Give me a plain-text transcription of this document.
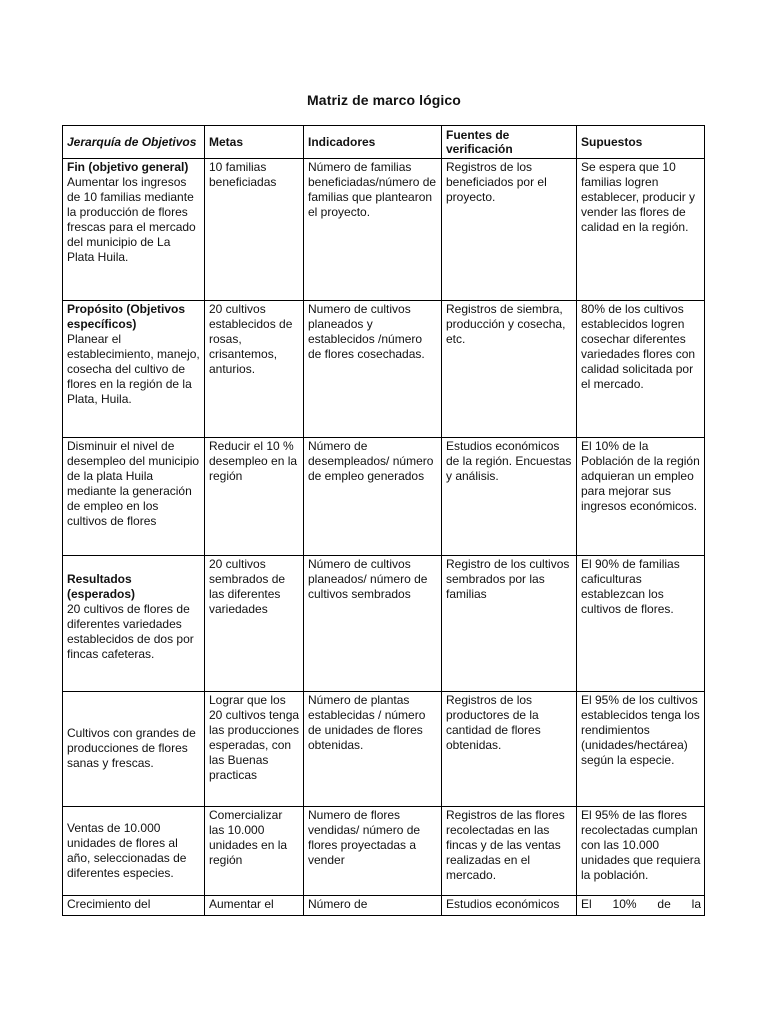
Matriz de marco lógico
Jerarquía de Objetivos	Metas	Indicadores	Fuentes de verificación	Supuestos

Fin (objetivo general)
Aumentar los ingresos de 10 familias mediante la producción de flores frescas para el mercado del municipio de La Plata Huila.	10 familias beneficiadas	Número de familias beneficiadas/número de familias que plantearon el proyecto.	Registros de los beneficiados por el proyecto.	Se espera que 10 familias logren establecer, producir y vender las flores de calidad en la región.

Propósito (Objetivos específicos)
Planear el establecimiento, manejo, cosecha del cultivo de flores en la región de la Plata, Huila.	20 cultivos establecidos de rosas, crisantemos, anturios.	Numero de cultivos planeados y establecidos /número de flores cosechadas.	Registros de siembra, producción y cosecha, etc.	80% de los cultivos establecidos logren cosechar diferentes variedades flores con calidad solicitada por el mercado.
Disminuir el nivel de desempleo del municipio de la plata Huila mediante la generación de empleo en los cultivos de flores	Reducir el 10 % desempleo en la región	Número de desempleados/ número de empleo generados	Estudios económicos de la región. Encuestas y análisis.	El 10% de la Población de la región adquieran un empleo para mejorar sus ingresos económicos.

Resultados (esperados)
20 cultivos de flores de diferentes variedades establecidos de dos por fincas cafeteras.	20 cultivos sembrados de las diferentes variedades	Número de cultivos planeados/ número de cultivos sembrados	Registro de los cultivos sembrados por las familias	El 90% de familias caficulturas establezcan los cultivos de flores.
Cultivos con grandes de producciones de flores sanas y frescas.	Lograr que los 20 cultivos tenga las producciones esperadas, con las Buenas practicas	Número de plantas establecidas / número de unidades de flores obtenidas.	Registros de los productores de la cantidad de flores obtenidas.	El 95% de los cultivos establecidos tenga los rendimientos (unidades/hectárea) según la especie.
Ventas de 10.000 unidades de flores al año, seleccionadas de diferentes especies.	Comercializar las 10.000 unidades en la región	Numero de flores vendidas/ número de flores proyectadas a vender	Registros de las flores recolectadas en las fincas y de las ventas realizadas en el mercado.	El 95% de las flores recolectadas cumplan con las 10.000 unidades que requiera la población.

Crecimiento del	Aumentar el	Número de	Estudios económicos	El 10% de la
